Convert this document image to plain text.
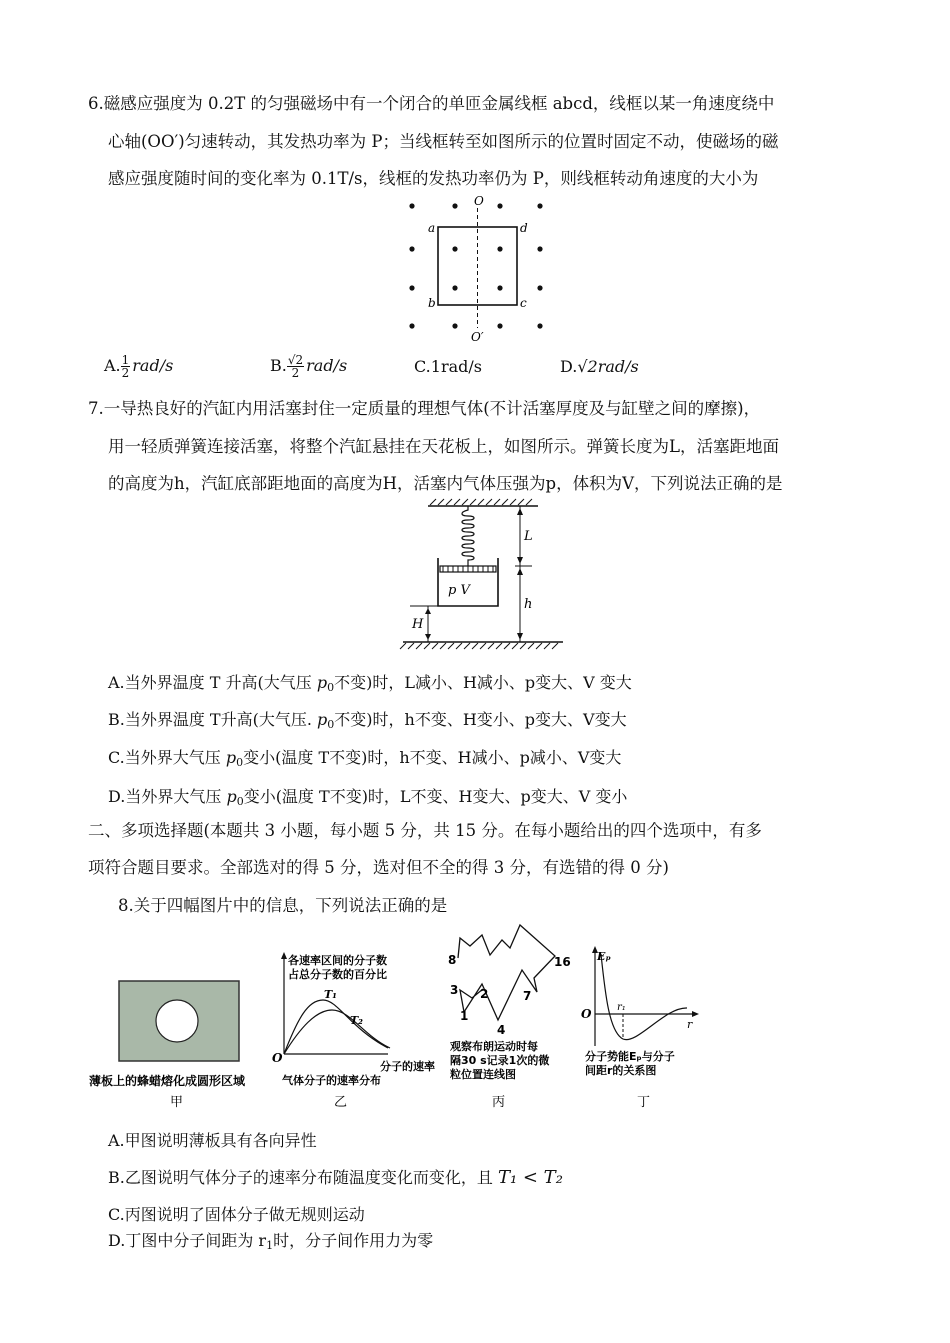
6.磁感应强度为 0.2T 的匀强磁场中有一个闭合的单匝金属线框 abcd，线框以某一角速度绕中
心轴(OO′)匀速转动，其发热功率为 P；当线框转至如图所示的位置时固定不动，使磁场的磁
感应强度随时间的变化率为 0.1T/s，线框的发热功率仍为 P，则线框转动角速度的大小为
O
O′
a
b	c
d
A. $\frac{1}{2} rad/s$	B. $\frac{√2}{2} rad/s$	C.1rad/s	D.√2rad/s
7.一导热良好的汽缸内用活塞封住一定质量的理想气体(不计活塞厚度及与缸壁之间的摩擦)，
用一轻质弹簧连接活塞，将整个汽缸悬挂在天花板上，如图所示。弹簧长度为L，活塞距地面
的高度为h，汽缸底部距地面的高度为H，活塞内气体压强为p，体积为V，下列说法正确的是
p V
L
h
H
A.当外界温度 T 升高(大气压 $p_0$不变)时，L减小、H减小、p变大、V 变大
B.当外界温度 T升高(大气压. $p_0$不变)时，h不变、H变小、p变大、V变大
C.当外界大气压 $p_0$变小(温度 T不变)时，h不变、H减小、p减小、V变大
D.当外界大气压 $p_0$变小(温度 T不变)时，L不变、H变大、p变大、V 变小
二、多项选择题(本题共 3 小题，每小题 5 分，共 15 分。在每小题给出的四个选项中，有多
项符合题目要求。全部选对的得 5 分，选对但不全的得 3 分，有选错的得 0 分)
8.关于四幅图片中的信息，下列说法正确的是
薄板上的蜂蜡熔化成圆形区域
甲
各速率区间的分子数
占总分子数的百分比
T₁
T₂
O
分子的速率
气体分子的速率分布
乙
8	16
3 2
1
7
4
观察布朗运动时每
隔30 s记录1次的微
粒位置连线图
丙
Eₚ
r₁
O
r
分子势能Eₚ与分子
间距r的关系图
丁
A.甲图说明薄板具有各向异性
B.乙图说明气体分子的速率分布随温度变化而变化，且 T₁ < T₂
C.丙图说明了固体分子做无规则运动
D.丁图中分子间距为 $r_1$时，分子间作用力为零
